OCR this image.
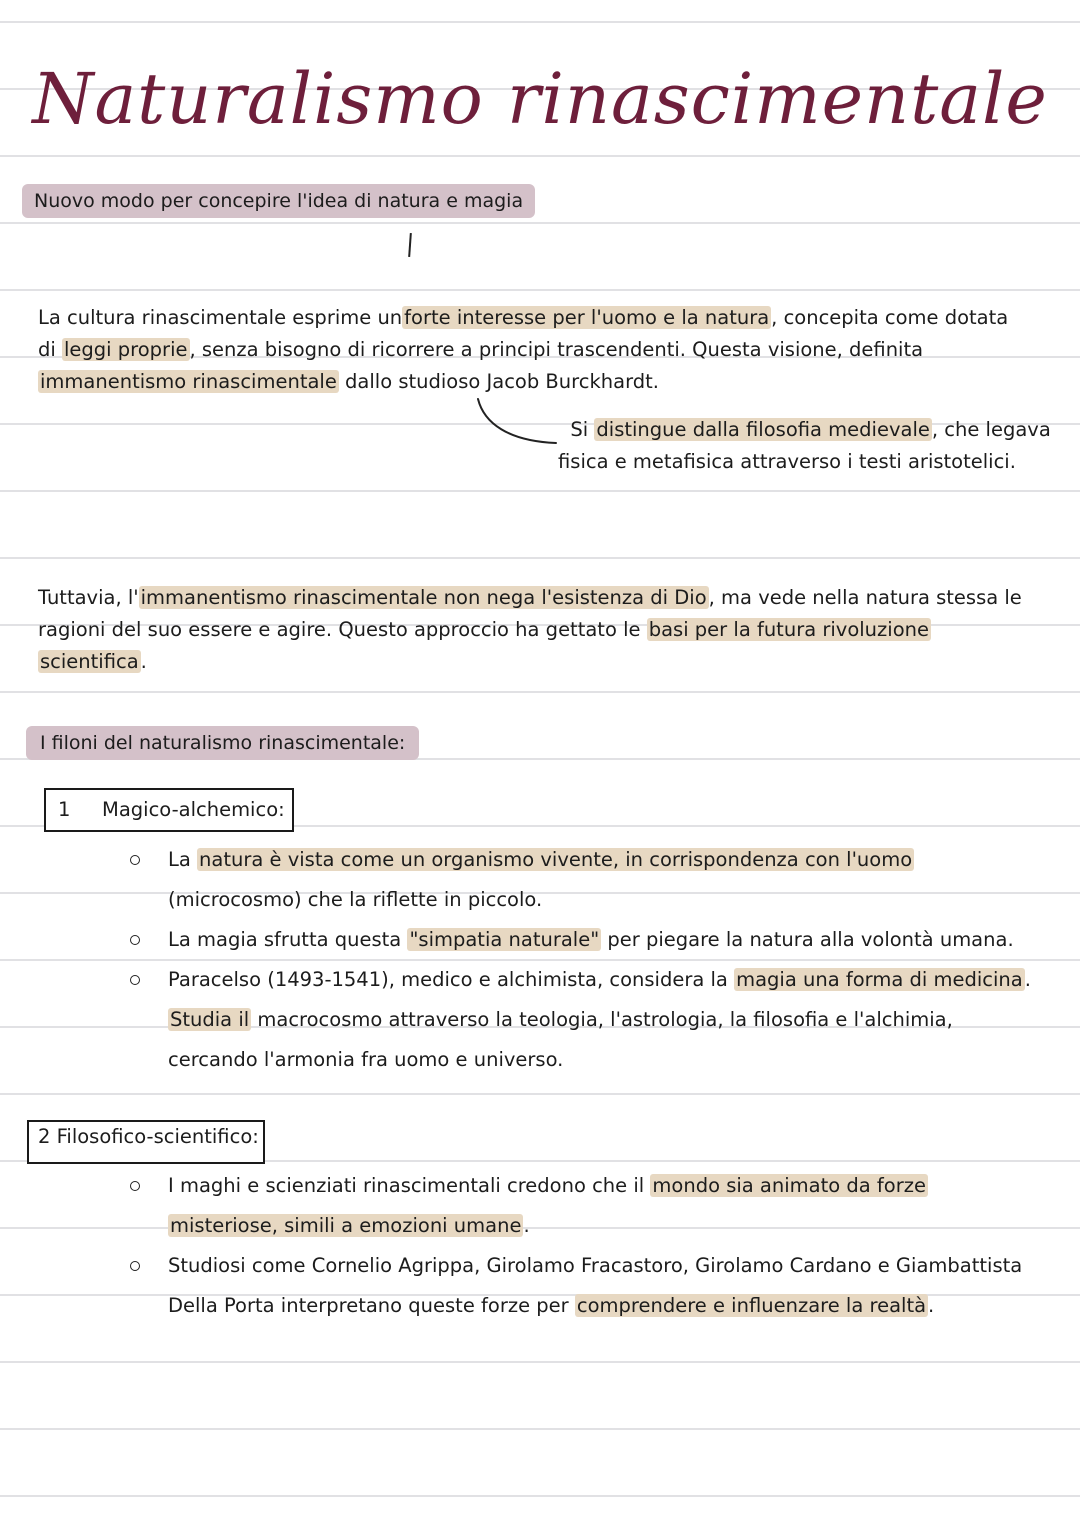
Naturalismo rinascimentale
Nuovo modo per concepire l'idea di natura e magia
La cultura rinascimentale esprime un forte interesse per l'uomo e la natura , concepita come dotata
di leggi proprie , senza bisogno di ricorrere a principi trascendenti. Questa visione, definita
immanentismo rinascimentale dallo studioso Jacob Burckhardt.
Si distingue dalla filosofia medievale , che legava
fisica e metafisica attraverso i testi aristotelici.
Tuttavia, l' immanentismo rinascimentale non nega l'esistenza di Dio , ma vede nella natura stessa le
ragioni del suo essere e agire. Questo approccio ha gettato le basi per la futura rivoluzione
scientifica .
I filoni del naturalismo rinascimentale:
1 Magico-alchemico:
La natura è vista come un organismo vivente, in corrispondenza con l'uomo
(microcosmo) che la riflette in piccolo.
La magia sfrutta questa "simpatia naturale" per piegare la natura alla volontà umana.
Paracelso (1493-1541), medico e alchimista, considera la magia una forma di medicina .
Studia il macrocosmo attraverso la teologia, l'astrologia, la filosofia e l'alchimia,
cercando l'armonia fra uomo e universo.
2 Filosofico-scientifico:
I maghi e scienziati rinascimentali credono che il mondo sia animato da forze
misteriose, simili a emozioni umane .
Studiosi come Cornelio Agrippa, Girolamo Fracastoro, Girolamo Cardano e Giambattista
Della Porta interpretano queste forze per comprendere e influenzare la realtà .
